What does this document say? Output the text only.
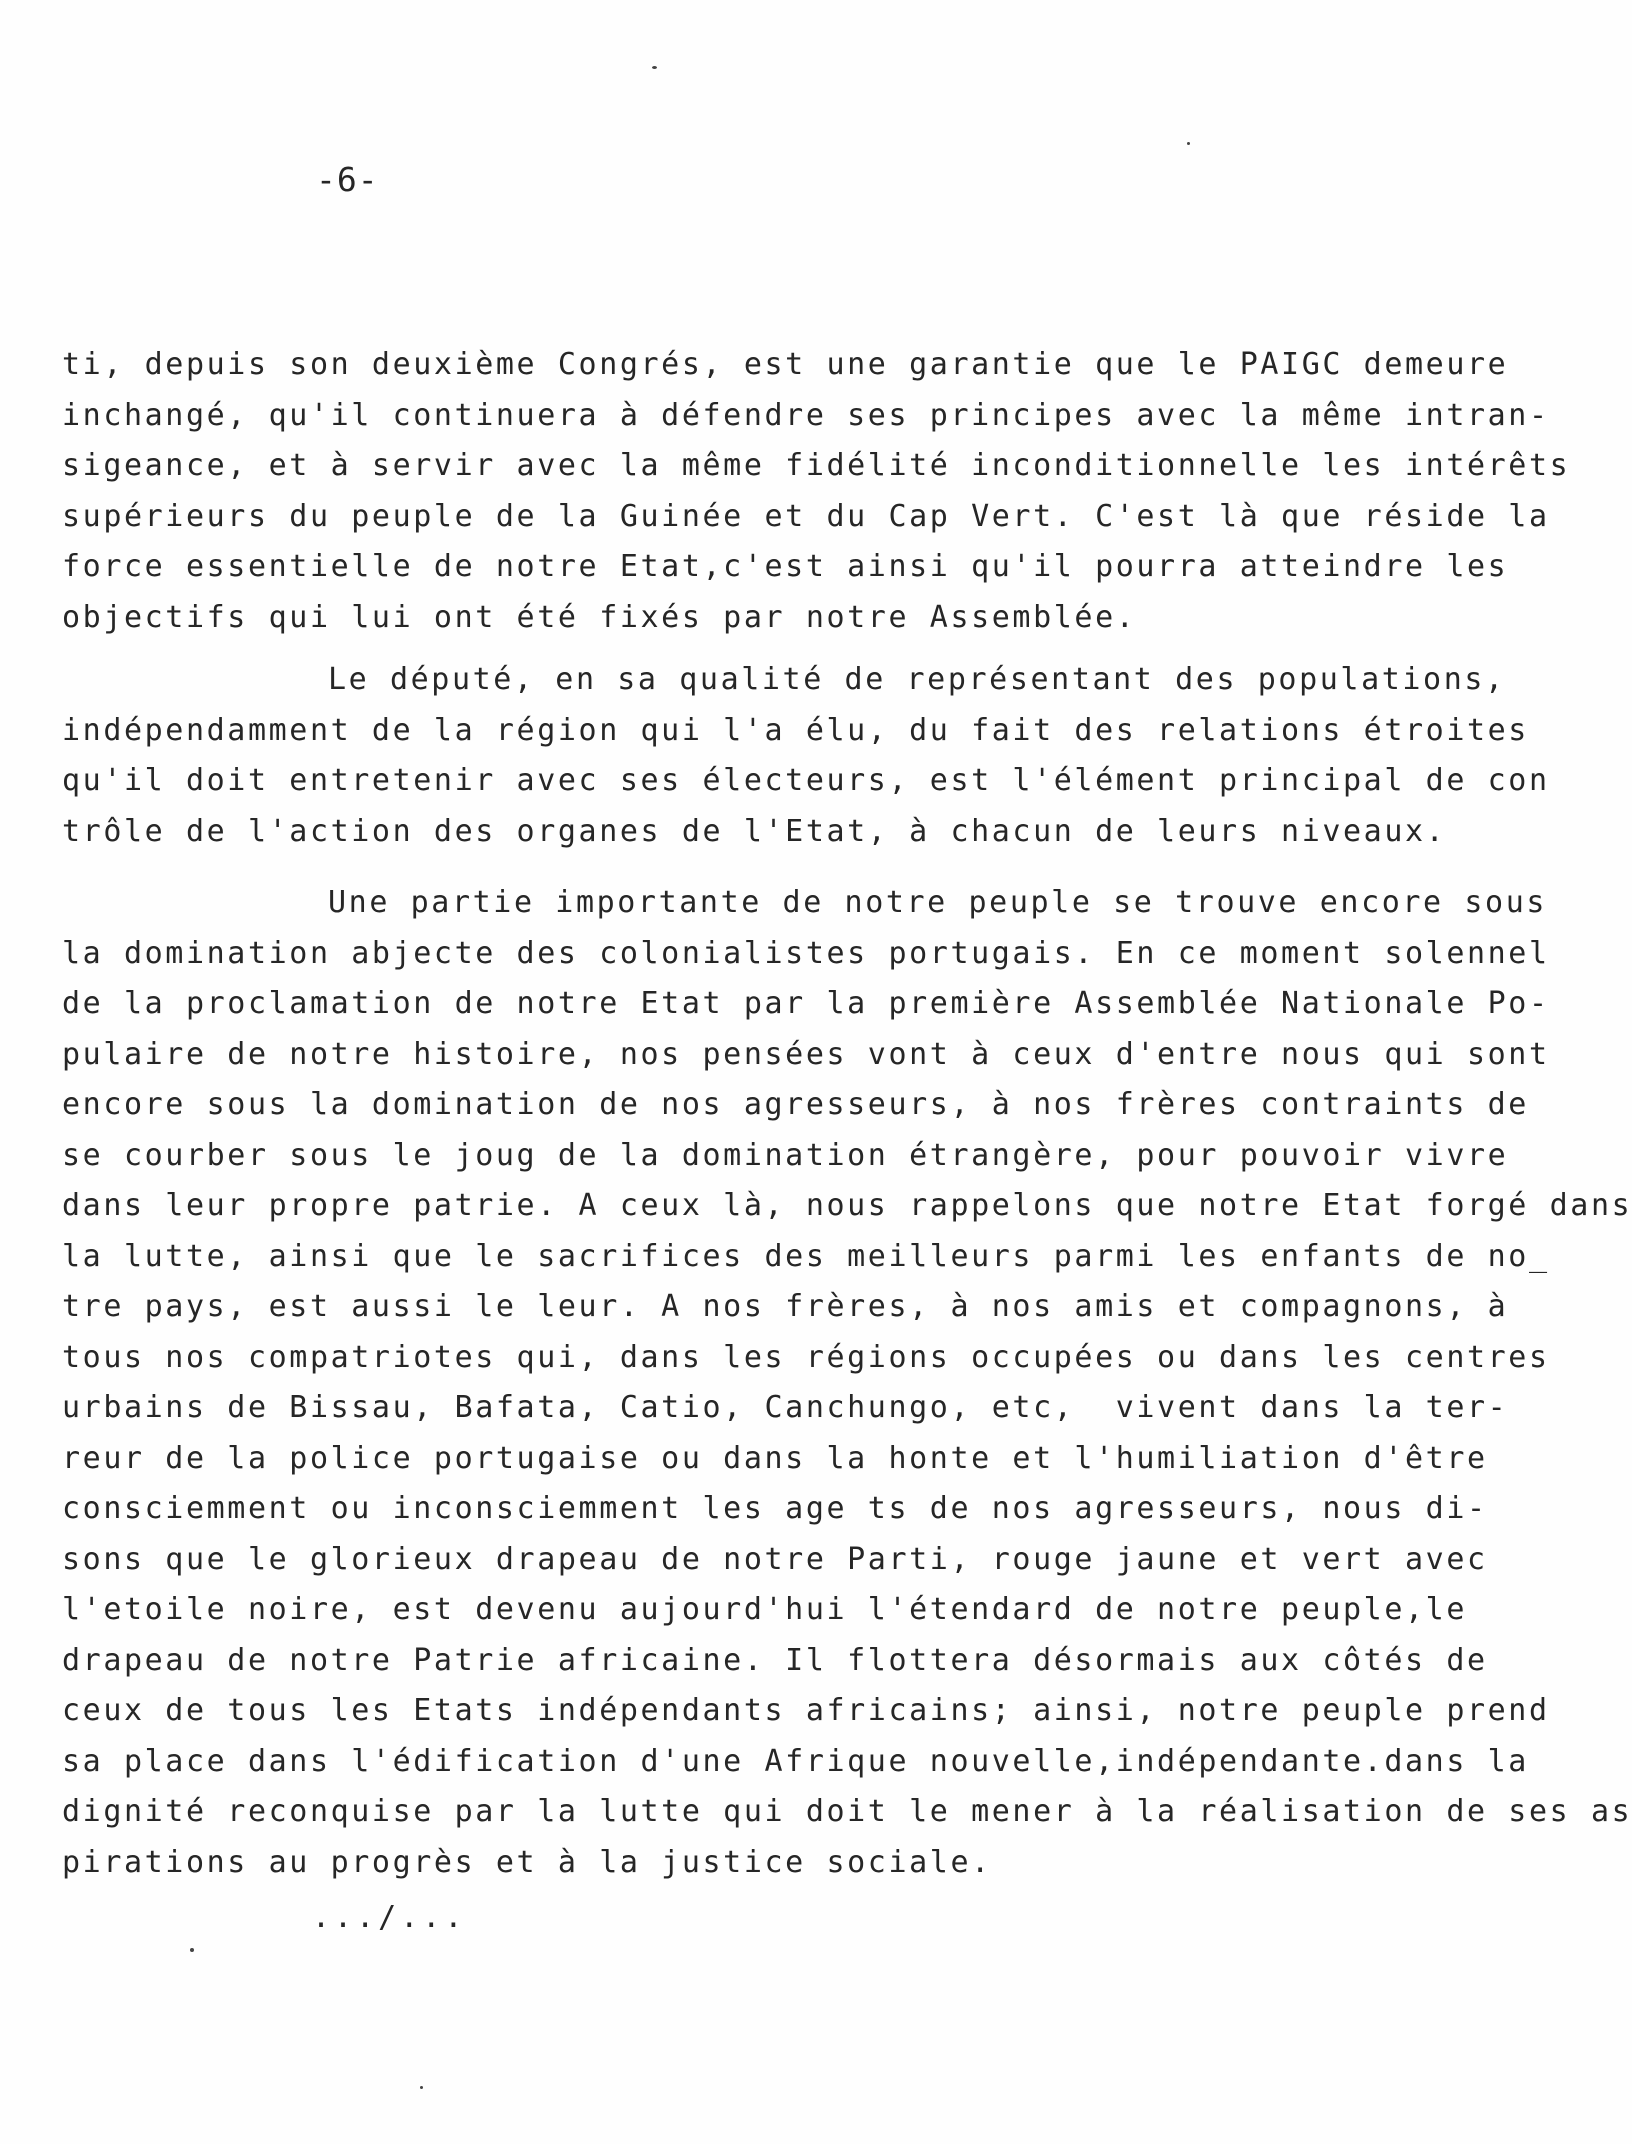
-6-
ti, depuis son deuxième Congrés, est une garantie que le PAIGC demeure
inchangé, qu'il continuera à défendre ses principes avec la même intran-
sigeance, et à servir avec la même fidélité inconditionnelle les intérêts
supérieurs du peuple de la Guinée et du Cap Vert. C'est là que réside la
force essentielle de notre Etat,c'est ainsi qu'il pourra atteindre les
objectifs qui lui ont été fixés par notre Assemblée.
Le député, en sa qualité de représentant des populations,
indépendamment de la région qui l'a élu, du fait des relations étroites
qu'il doit entretenir avec ses électeurs, est l'élément principal de con
trôle de l'action des organes de l'Etat, à chacun de leurs niveaux.
Une partie importante de notre peuple se trouve encore sous
la domination abjecte des colonialistes portugais. En ce moment solennel
de la proclamation de notre Etat par la première Assemblée Nationale Po-
pulaire de notre histoire, nos pensées vont à ceux d'entre nous qui sont
encore sous la domination de nos agresseurs, à nos frères contraints de
se courber sous le joug de la domination étrangère, pour pouvoir vivre
dans leur propre patrie. A ceux là, nous rappelons que notre Etat forgé dans
la lutte, ainsi que le sacrifices des meilleurs parmi les enfants de no_
tre pays, est aussi le leur. A nos frères, à nos amis et compagnons, à
tous nos compatriotes qui, dans les régions occupées ou dans les centres
urbains de Bissau, Bafata, Catio, Canchungo, etc,  vivent dans la ter-
reur de la police portugaise ou dans la honte et l'humiliation d'être
consciemment ou inconsciemment les age ts de nos agresseurs, nous di-
sons que le glorieux drapeau de notre Parti, rouge jaune et vert avec
l'etoile noire, est devenu aujourd'hui l'étendard de notre peuple,le
drapeau de notre Patrie africaine. Il flottera désormais aux côtés de
ceux de tous les Etats indépendants africains; ainsi, notre peuple prend
sa place dans l'édification d'une Afrique nouvelle,indépendante.dans la
dignité reconquise par la lutte qui doit le mener à la réalisation de ses as
pirations au progrès et à la justice sociale.
.../...
